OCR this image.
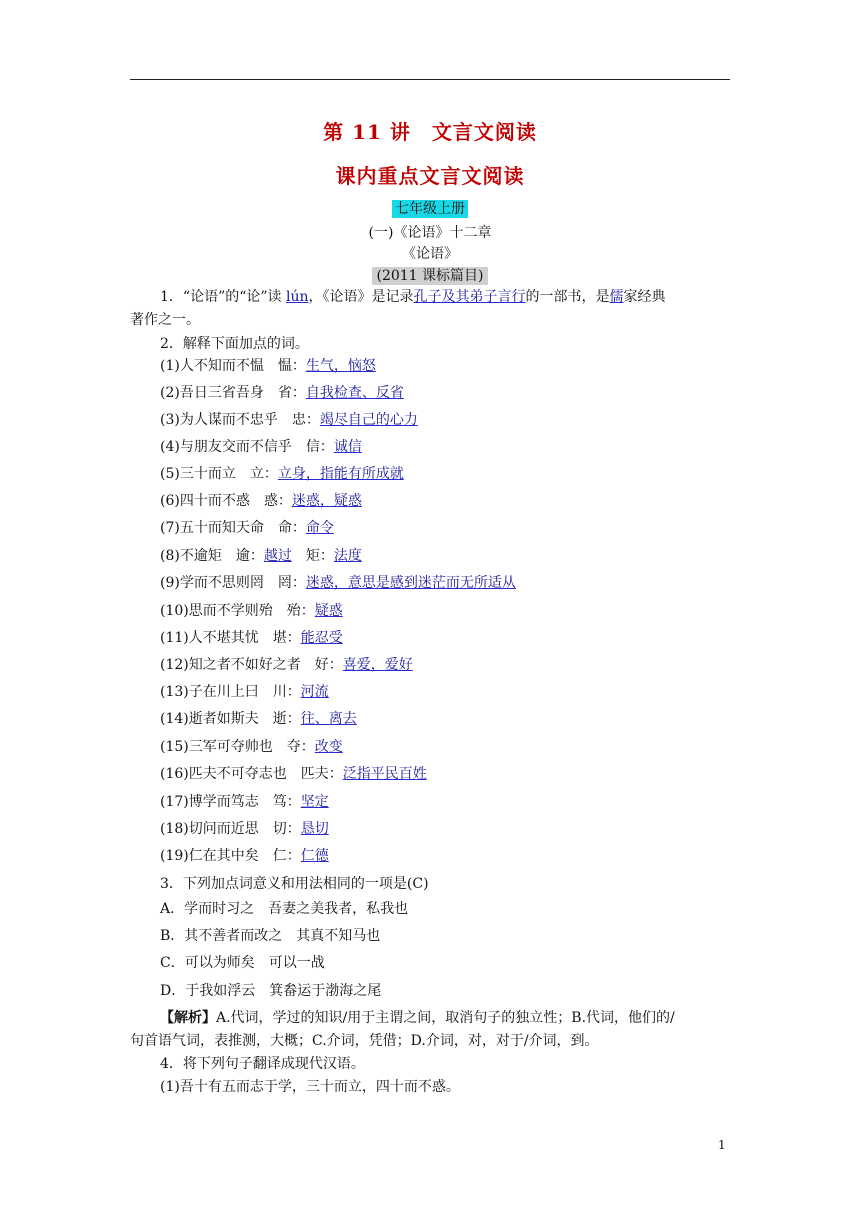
第 11 讲　文言文阅读
课内重点文言文阅读
七年级上册
(一)《论语》十二章
《论语》
(2011 课标篇目)
1．“论语”的“论”读 lún，《论语》是记录孔子及其弟子言行的一部书，是儒家经典
著作之一。
2．解释下面加点的词。
(1)人不知而不愠　愠：生气，恼怒
(2)吾日三省吾身　省：自我检查、反省
(3)为人谋而不忠乎　忠：竭尽自己的心力
(4)与朋友交而不信乎　信：诚信
(5)三十而立　立：立身，指能有所成就
(6)四十而不惑　惑：迷惑，疑惑
(7)五十而知天命　命：命令
(8)不逾矩　逾：越过　矩：法度
(9)学而不思则罔　罔：迷惑，意思是感到迷茫而无所适从
(10)思而不学则殆　殆：疑惑
(11)人不堪其忧　堪：能忍受
(12)知之者不如好之者　好：喜爱，爱好
(13)子在川上曰　川：河流
(14)逝者如斯夫　逝：往、离去
(15)三军可夺帅也　夺：改变
(16)匹夫不可夺志也　匹夫：泛指平民百姓
(17)博学而笃志　笃：坚定
(18)切问而近思　切：恳切
(19)仁在其中矣　仁：仁德
3．下列加点词意义和用法相同的一项是(C)
A．学而时习之　吾妻之美我者，私我也
B．其不善者而改之　其真不知马也
C．可以为师矣　可以一战
D．于我如浮云　箕畚运于渤海之尾
【解析】A.代词，学过的知识/用于主谓之间，取消句子的独立性；B.代词，他们的/
句首语气词，表推测，大概；C.介词，凭借；D.介词，对，对于/介词，到。
4．将下列句子翻译成现代汉语。
(1)吾十有五而志于学，三十而立，四十而不惑。
1
